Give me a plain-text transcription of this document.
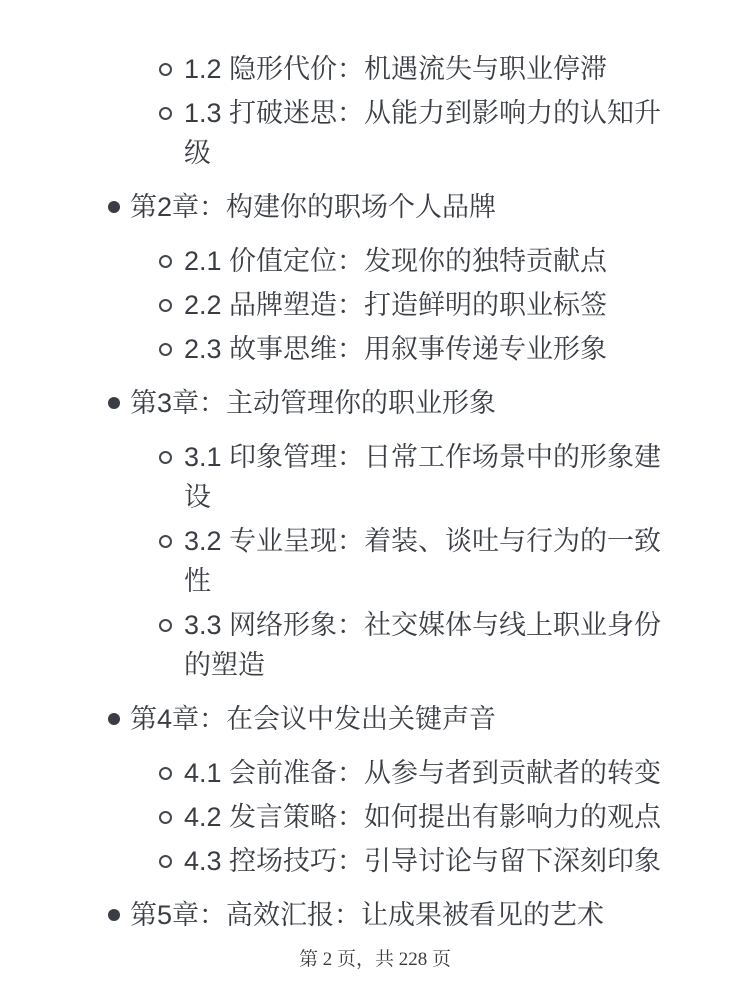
1.2 隐形代价：机遇流失与职业停滞
1.3 打破迷思：从能力到影响力的认知升级
第2章：构建你的职场个人品牌
2.1 价值定位：发现你的独特贡献点
2.2 品牌塑造：打造鲜明的职业标签
2.3 故事思维：用叙事传递专业形象
第3章：主动管理你的职业形象
3.1 印象管理：日常工作场景中的形象建设
3.2 专业呈现：着装、谈吐与行为的一致性
3.3 网络形象：社交媒体与线上职业身份的塑造
第4章：在会议中发出关键声音
4.1 会前准备：从参与者到贡献者的转变
4.2 发言策略：如何提出有影响力的观点
4.3 控场技巧：引导讨论与留下深刻印象
第5章：高效汇报：让成果被看见的艺术
第 2 页，共 228 页
